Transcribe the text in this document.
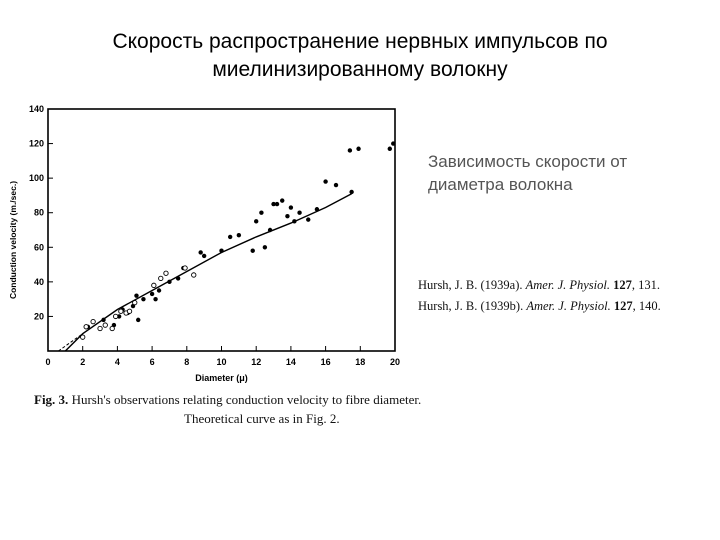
Скорость распространение нервных импульсов по
миелинизированному волокну
0	2	4	6	8	10	12	14	16	18	20
20
40
60
80
100
120
140
Diameter (μ)
Conduction velocity (m./sec.)
Зависимость скорости от
диаметра волокна
Hursh, J. B. (1939a). Amer. J. Physiol. 127, 131.
Hursh, J. B. (1939b). Amer. J. Physiol. 127, 140.
Fig. 3. Hursh's observations relating conduction velocity to fibre diameter.
Theoretical curve as in Fig. 2.
